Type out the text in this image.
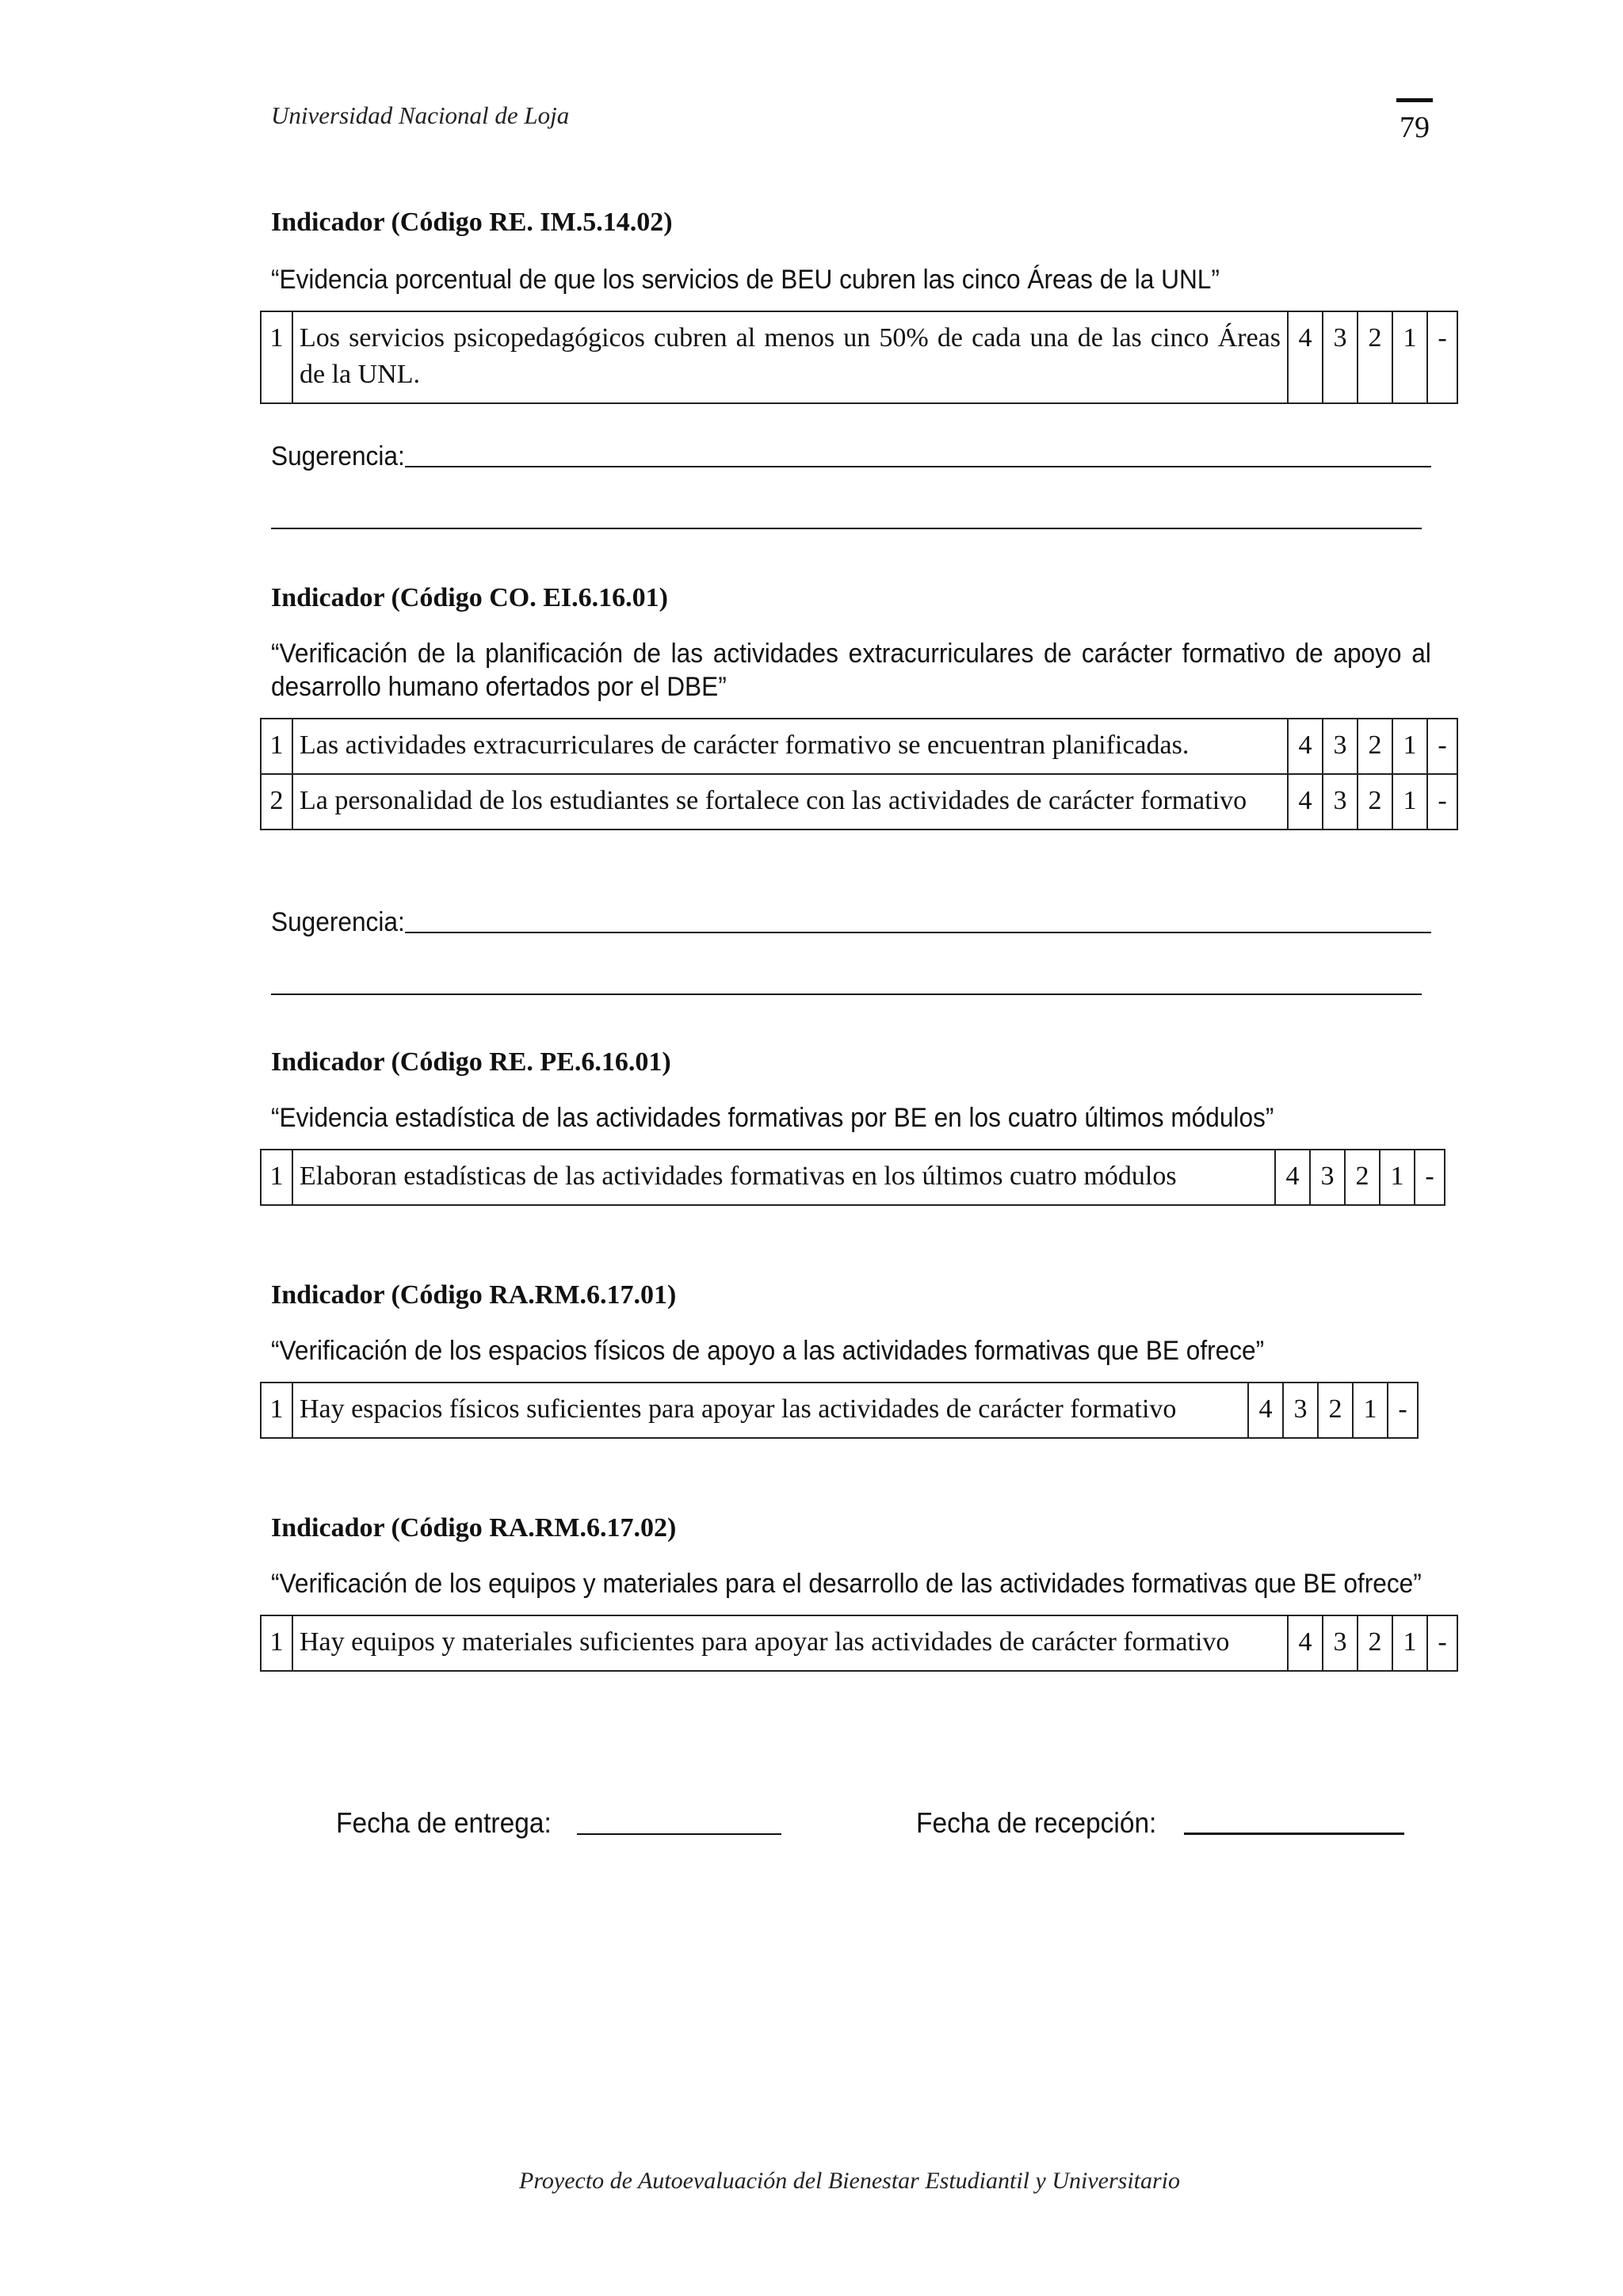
Universidad Nacional de Loja	79
Indicador (Código RE. IM.5.14.02)
“Evidencia porcentual de que los servicios de BEU cubren las cinco Áreas de la UNL”
1	Los servicios psicopedagógicos cubren al menos un 50% de cada una de las cinco Áreas de la UNL.	4	3	2	1	-
Sugerencia:
Indicador (Código CO. EI.6.16.01)
“Verificación de la planificación de las actividades extracurriculares de carácter formativo de apoyo al desarrollo humano ofertados por el DBE”
1	Las actividades extracurriculares de carácter formativo se encuentran planificadas.	4	3	2	1	-
2	La personalidad de los estudiantes se fortalece con las actividades de carácter formativo	4	3	2	1	-
Sugerencia:
Indicador (Código RE. PE.6.16.01)
“Evidencia estadística de las actividades formativas por BE en los cuatro últimos módulos”
1	Elaboran estadísticas de las actividades formativas en los últimos cuatro módulos	4	3	2	1	-
Indicador (Código RA.RM.6.17.01)
“Verificación de los espacios físicos de apoyo a las actividades formativas que BE ofrece”
1	Hay espacios físicos suficientes para apoyar las actividades de carácter formativo	4	3	2	1	-
Indicador (Código RA.RM.6.17.02)
“Verificación de los equipos y materiales para el desarrollo de las actividades formativas que BE ofrece”
1	Hay equipos y materiales suficientes para apoyar las actividades de carácter formativo	4	3	2	1	-
Fecha de entrega:	Fecha de recepción:
Proyecto de Autoevaluación del Bienestar Estudiantil y Universitario
